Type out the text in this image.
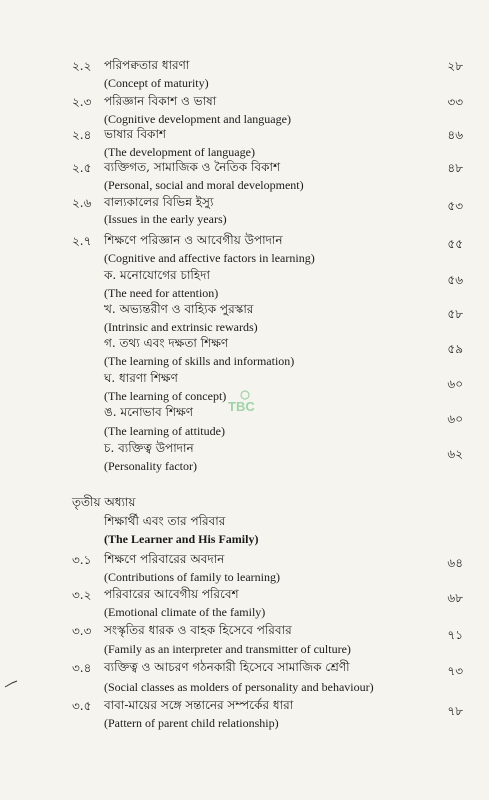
২.২ পরিপক্বতার ধারণা	২৮
(Concept of maturity)
২.৩ পরিজ্ঞান বিকাশ ও ভাষা	৩৩
(Cognitive development and language)
২.৪ ভাষার বিকাশ	৪৬
(The development of language)
২.৫ ব্যক্তিগত, সামাজিক ও নৈতিক বিকাশ	৪৮
(Personal, social and moral development)
২.৬ বাল্যকালের বিভিন্ন ইস্যু	৫৩
(Issues in the early years)
২.৭ শিক্ষণে পরিজ্ঞান ও আবেগীয় উপাদান	৫৫
(Cognitive and affective factors in learning)
ক. মনোযোগের চাহিদা	৫৬
(The need for attention)
খ. অভ্যন্তরীণ ও বাহ্যিক পুরস্কার	৫৮
(Intrinsic and extrinsic rewards)
গ. তথ্য এবং দক্ষতা শিক্ষণ	৫৯
(The learning of skills and information)
ঘ. ধারণা শিক্ষণ	৬০
(The learning of concept)
ঙ. মনোভাব শিক্ষণ	৬০
(The learning of attitude)
চ. ব্যক্তিত্ব উপাদান	৬২
(Personality factor)
তৃতীয় অধ্যায়
শিক্ষার্থী এবং তার পরিবার
(The Learner and His Family)
৩.১ শিক্ষণে পরিবারের অবদান	৬৪
(Contributions of family to learning)
৩.২ পরিবারের আবেগীয় পরিবেশ	৬৮
(Emotional climate of the family)
৩.৩ সংস্কৃতির ধারক ও বাহক হিসেবে পরিবার	৭১
(Family as an interpreter and transmitter of culture)
৩.৪ ব্যক্তিত্ব ও আচরণ গঠনকারী হিসেবে সামাজিক শ্রেণী	৭৩
(Social classes as molders of personality and behaviour)
৩.৫ বাবা-মায়ের সঙ্গে সন্তানের সম্পর্কের ধারা	৭৮
(Pattern of parent child relationship)
TBC
